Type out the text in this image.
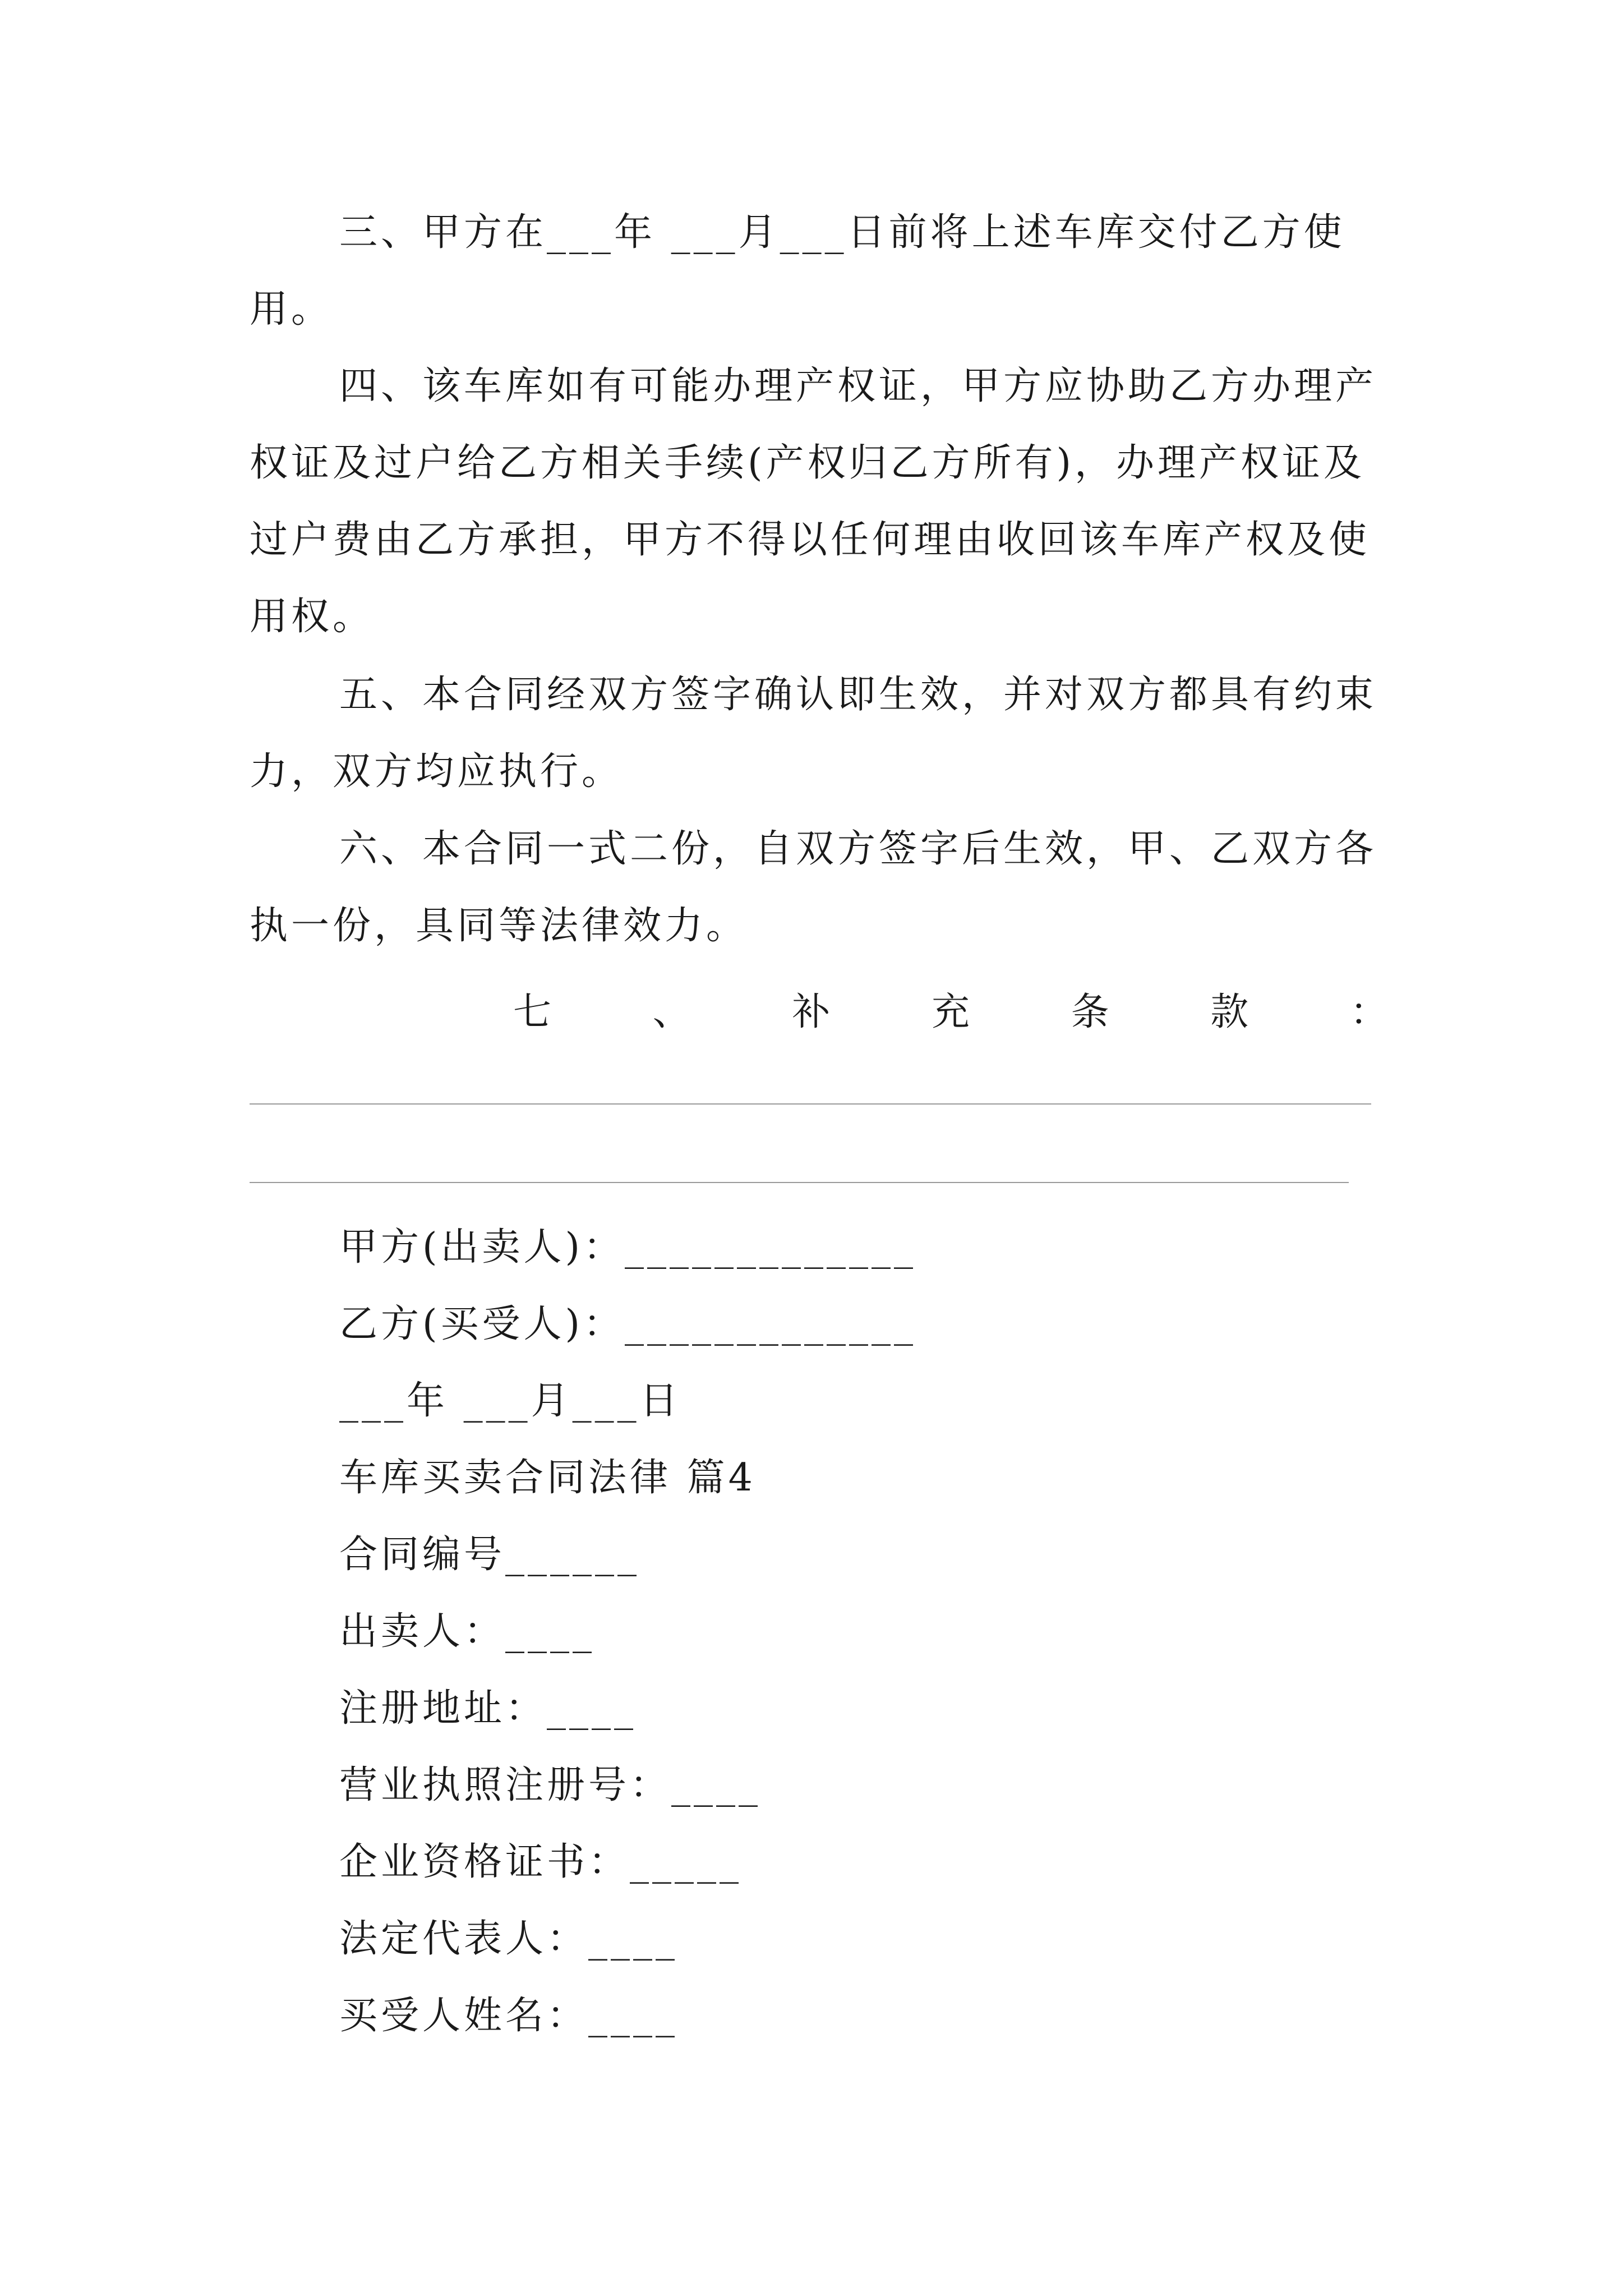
三、甲方在___年 ___月___日前将上述车库交付乙方使用。

四、该车库如有可能办理产权证，甲方应协助乙方办理产权证及过户给乙方相关手续(产权归乙方所有)，办理产权证及过户费由乙方承担，甲方不得以任何理由收回该车库产权及使用权。

五、本合同经双方签字确认即生效，并对双方都具有约束力，双方均应执行。

六、本合同一式二份，自双方签字后生效，甲、乙双方各执一份，具同等法律效力。

七	、	补	充	条	款	：

甲方(出卖人)：_____________

乙方(买受人)：_____________

___年 ___月___日

车库买卖合同法律 篇4

合同编号______

出卖人：____

注册地址：____

营业执照注册号：____

企业资格证书：_____

法定代表人：____

买受人姓名：____
